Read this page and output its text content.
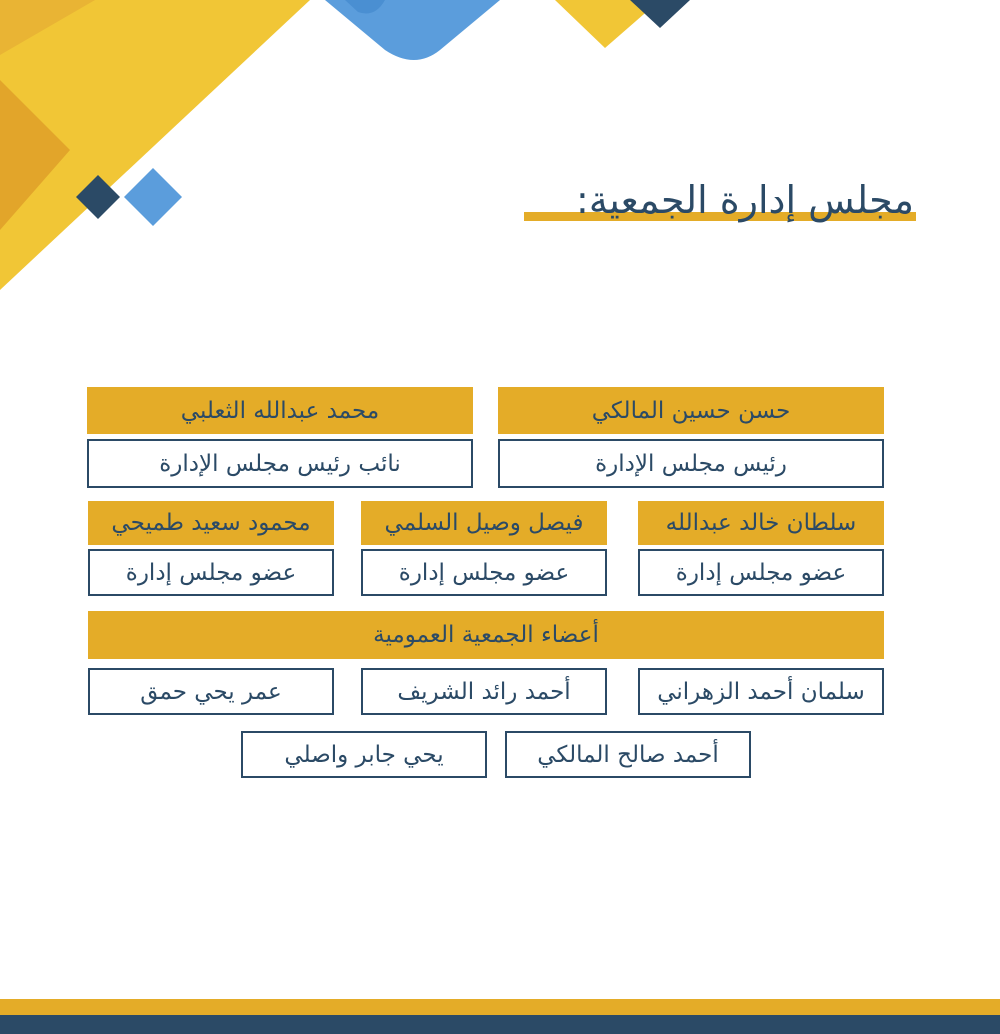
مجلس إدارة الجمعية:
حسن حسين المالكي
رئيس مجلس الإدارة
محمد عبدالله الثعلبي
نائب رئيس مجلس الإدارة
سلطان خالد عبدالله
عضو مجلس إدارة
فيصل وصيل السلمي
عضو مجلس إدارة
محمود سعيد طميحي
عضو مجلس إدارة
أعضاء الجمعية العمومية
سلمان أحمد الزهراني
أحمد رائد الشريف
عمر يحي حمق
أحمد صالح المالكي
يحي جابر واصلي
